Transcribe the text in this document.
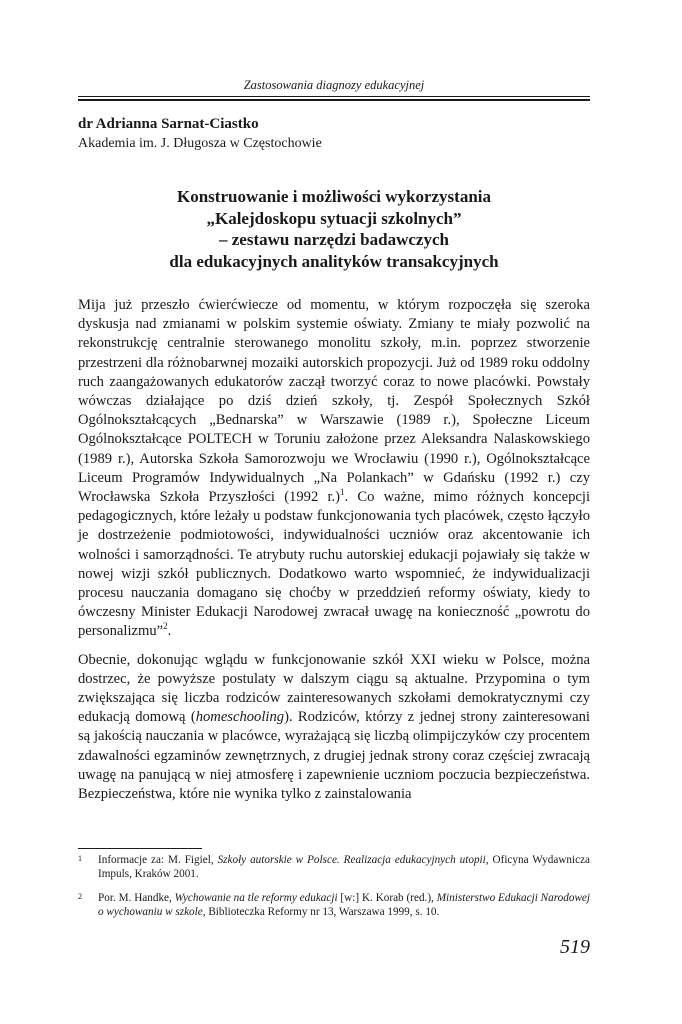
Zastosowania diagnozy edukacyjnej
dr Adrianna Sarnat-Ciastko
Akademia im. J. Długosza w Częstochowie
Konstruowanie i możliwości wykorzystania
„Kalejdoskopu sytuacji szkolnych”
– zestawu narzędzi badawczych
dla edukacyjnych analityków transakcyjnych

Mija już przeszło ćwierćwiecze od momentu, w którym rozpoczęła się szeroka dyskusja nad zmianami w polskim systemie oświaty. Zmiany te miały pozwolić na rekonstrukcję centralnie sterowanego monolitu szkoły, m.in. poprzez stworzenie przestrzeni dla różnobarwnej mozaiki autorskich propozycji. Już od 1989 roku oddolny ruch zaangażowanych edukatorów zaczął tworzyć coraz to nowe placówki. Powstały wówczas działające po dziś dzień szkoły, tj. Zespół Społecznych Szkół Ogólnokształcących „Bednarska” w Warszawie (1989 r.), Społeczne Liceum Ogólnokształcące POLTECH w Toruniu założone przez Aleksandra Nalaskowskiego (1989 r.), Autorska Szkoła Samorozwoju we Wrocławiu (1990 r.), Ogólnokształcące Liceum Programów Indywidualnych „Na Polankach” w Gdańsku (1992 r.) czy Wrocławska Szkoła Przyszłości (1992 r.)$^1$. Co ważne, mimo różnych koncepcji pedagogicznych, które leżały u podstaw funkcjonowania tych placówek, często łączyło je dostrzeżenie podmiotowości, indywidualności uczniów oraz akcentowanie ich wolności i samorządności. Te atrybuty ruchu autorskiej edukacji pojawiały się także w nowej wizji szkół publicznych. Dodatkowo warto wspomnieć, że indywidualizacji procesu nauczania domagano się choćby w przeddzień reformy oświaty, kiedy to ówczesny Minister Edukacji Narodowej zwracał uwagę na konieczność „powrotu do personalizmu”$^2$.

Obecnie, dokonując wglądu w funkcjonowanie szkół XXI wieku w Polsce, można dostrzec, że powyższe postulaty w dalszym ciągu są aktualne. Przypomina o tym zwiększająca się liczba rodziców zainteresowanych szkołami demokratycznymi czy edukacją domową (homeschooling). Rodziców, którzy z jednej strony zainteresowani są jakością nauczania w placówce, wyrażającą się liczbą olimpijczyków czy procentem zdawalności egzaminów zewnętrznych, z drugiej jednak strony coraz częściej zwracają uwagę na panującą w niej atmosferę i zapewnienie uczniom poczucia bezpieczeństwa. Bezpieczeństwa, które nie wynika tylko z zainstalowania

1 Informacje za: M. Figiel, Szkoły autorskie w Polsce. Realizacja edukacyjnych utopii, Oficyna Wydawnicza Impuls, Kraków 2001.
2 Por. M. Handke, Wychowanie na tle reformy edukacji [w:] K. Korab (red.), Ministerstwo Edukacji Narodowej o wychowaniu w szkole, Biblioteczka Reformy nr 13, Warszawa 1999, s. 10.
519
